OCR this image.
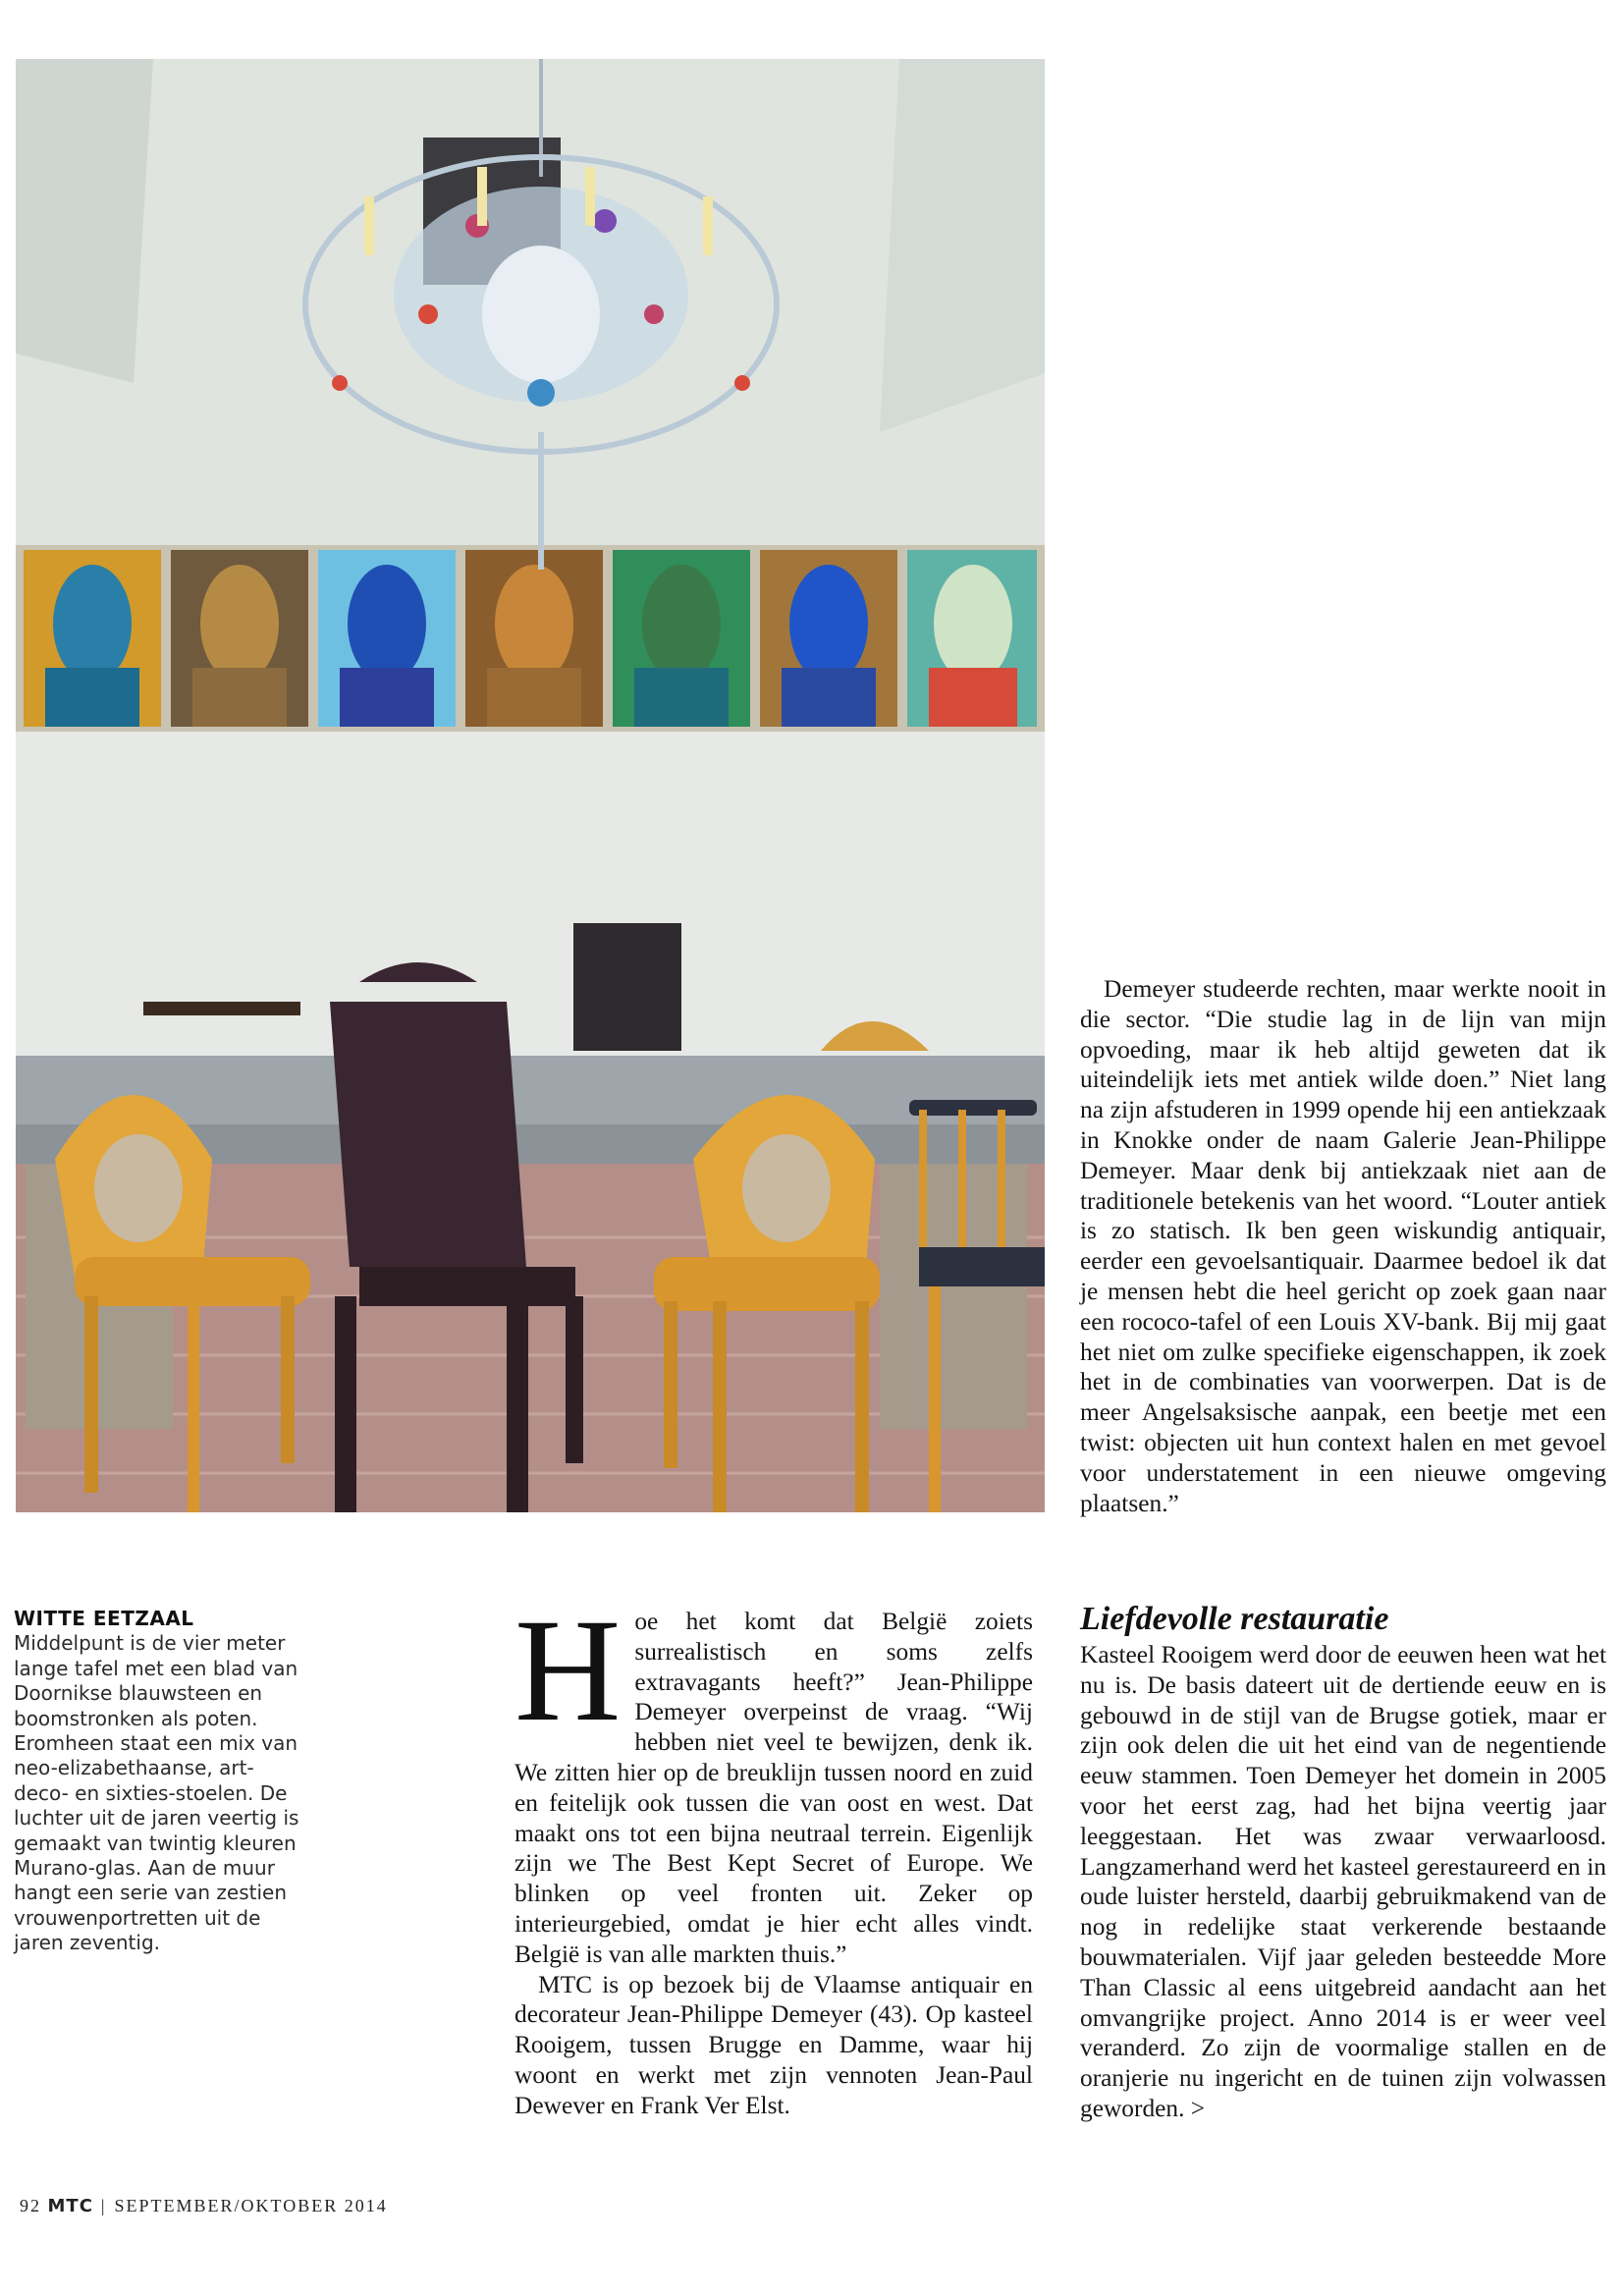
WITTE EETZAAL Middelpunt is de vier meter lange tafel met een blad van Doornikse blauwsteen en boomstronken als poten. Eromheen staat een mix van neo-elizabethaanse, art-deco- en sixties-stoelen. De luchter uit de jaren veertig is gemaakt van twintig kleuren Murano-glas. Aan de muur hangt een serie van zestien vrouwenportretten uit de jaren zeventig.

Hoe het komt dat België zoiets surrealistisch en soms zelfs extravagants heeft?” Jean-Philippe Demeyer overpeinst de vraag. “Wij hebben niet veel te bewijzen, denk ik. We zitten hier op de breuklijn tussen noord en zuid en feitelijk ook tussen die van oost en west. Dat maakt ons tot een bijna neutraal terrein. Eigenlijk zijn we The Best Kept Secret of Europe. We blinken op veel fronten uit. Zeker op interieurgebied, omdat je hier echt alles vindt. België is van alle markten thuis.”

MTC is op bezoek bij de Vlaamse antiquair en decorateur Jean-Philippe Demeyer (43). Op kasteel Rooigem, tussen Brugge en Damme, waar hij woont en werkt met zijn vennoten Jean-Paul Dewever en Frank Ver Elst.

Demeyer studeerde rechten, maar werkte nooit in die sector. “Die studie lag in de lijn van mijn opvoeding, maar ik heb altijd geweten dat ik uiteindelijk iets met antiek wilde doen.” Niet lang na zijn afstuderen in 1999 opende hij een antiekzaak in Knokke onder de naam Galerie Jean-Philippe Demeyer. Maar denk bij antiekzaak niet aan de traditionele betekenis van het woord. “Louter antiek is zo statisch. Ik ben geen wiskundig antiquair, eerder een gevoelsantiquair. Daarmee bedoel ik dat je mensen hebt die heel gericht op zoek gaan naar een rococo-tafel of een Louis XV-bank. Bij mij gaat het niet om zulke specifieke eigenschappen, ik zoek het in de combinaties van voorwerpen. Dat is de meer Angelsaksische aanpak, een beetje met een twist: objecten uit hun context halen en met gevoel voor understatement in een nieuwe omgeving plaatsen.”

Liefdevolle restauratie

Kasteel Rooigem werd door de eeuwen heen wat het nu is. De basis dateert uit de dertiende eeuw en is gebouwd in de stijl van de Brugse gotiek, maar er zijn ook delen die uit het eind van de negentiende eeuw stammen. Toen Demeyer het domein in 2005 voor het eerst zag, had het bijna veertig jaar leeggestaan. Het was zwaar verwaarloosd. Langzamerhand werd het kasteel gerestaureerd en in oude luister hersteld, daarbij gebruikmakend van de nog in redelijke staat verkerende bestaande bouwmaterialen. Vijf jaar geleden besteedde More Than Classic al eens uitgebreid aandacht aan het omvangrijke project. Anno 2014 is er weer veel veranderd. Zo zijn de voormalige stallen en de oranjerie nu ingericht en de tuinen zijn volwassen geworden. >

92 MTC | SEPTEMBER/OKTOBER 2014
